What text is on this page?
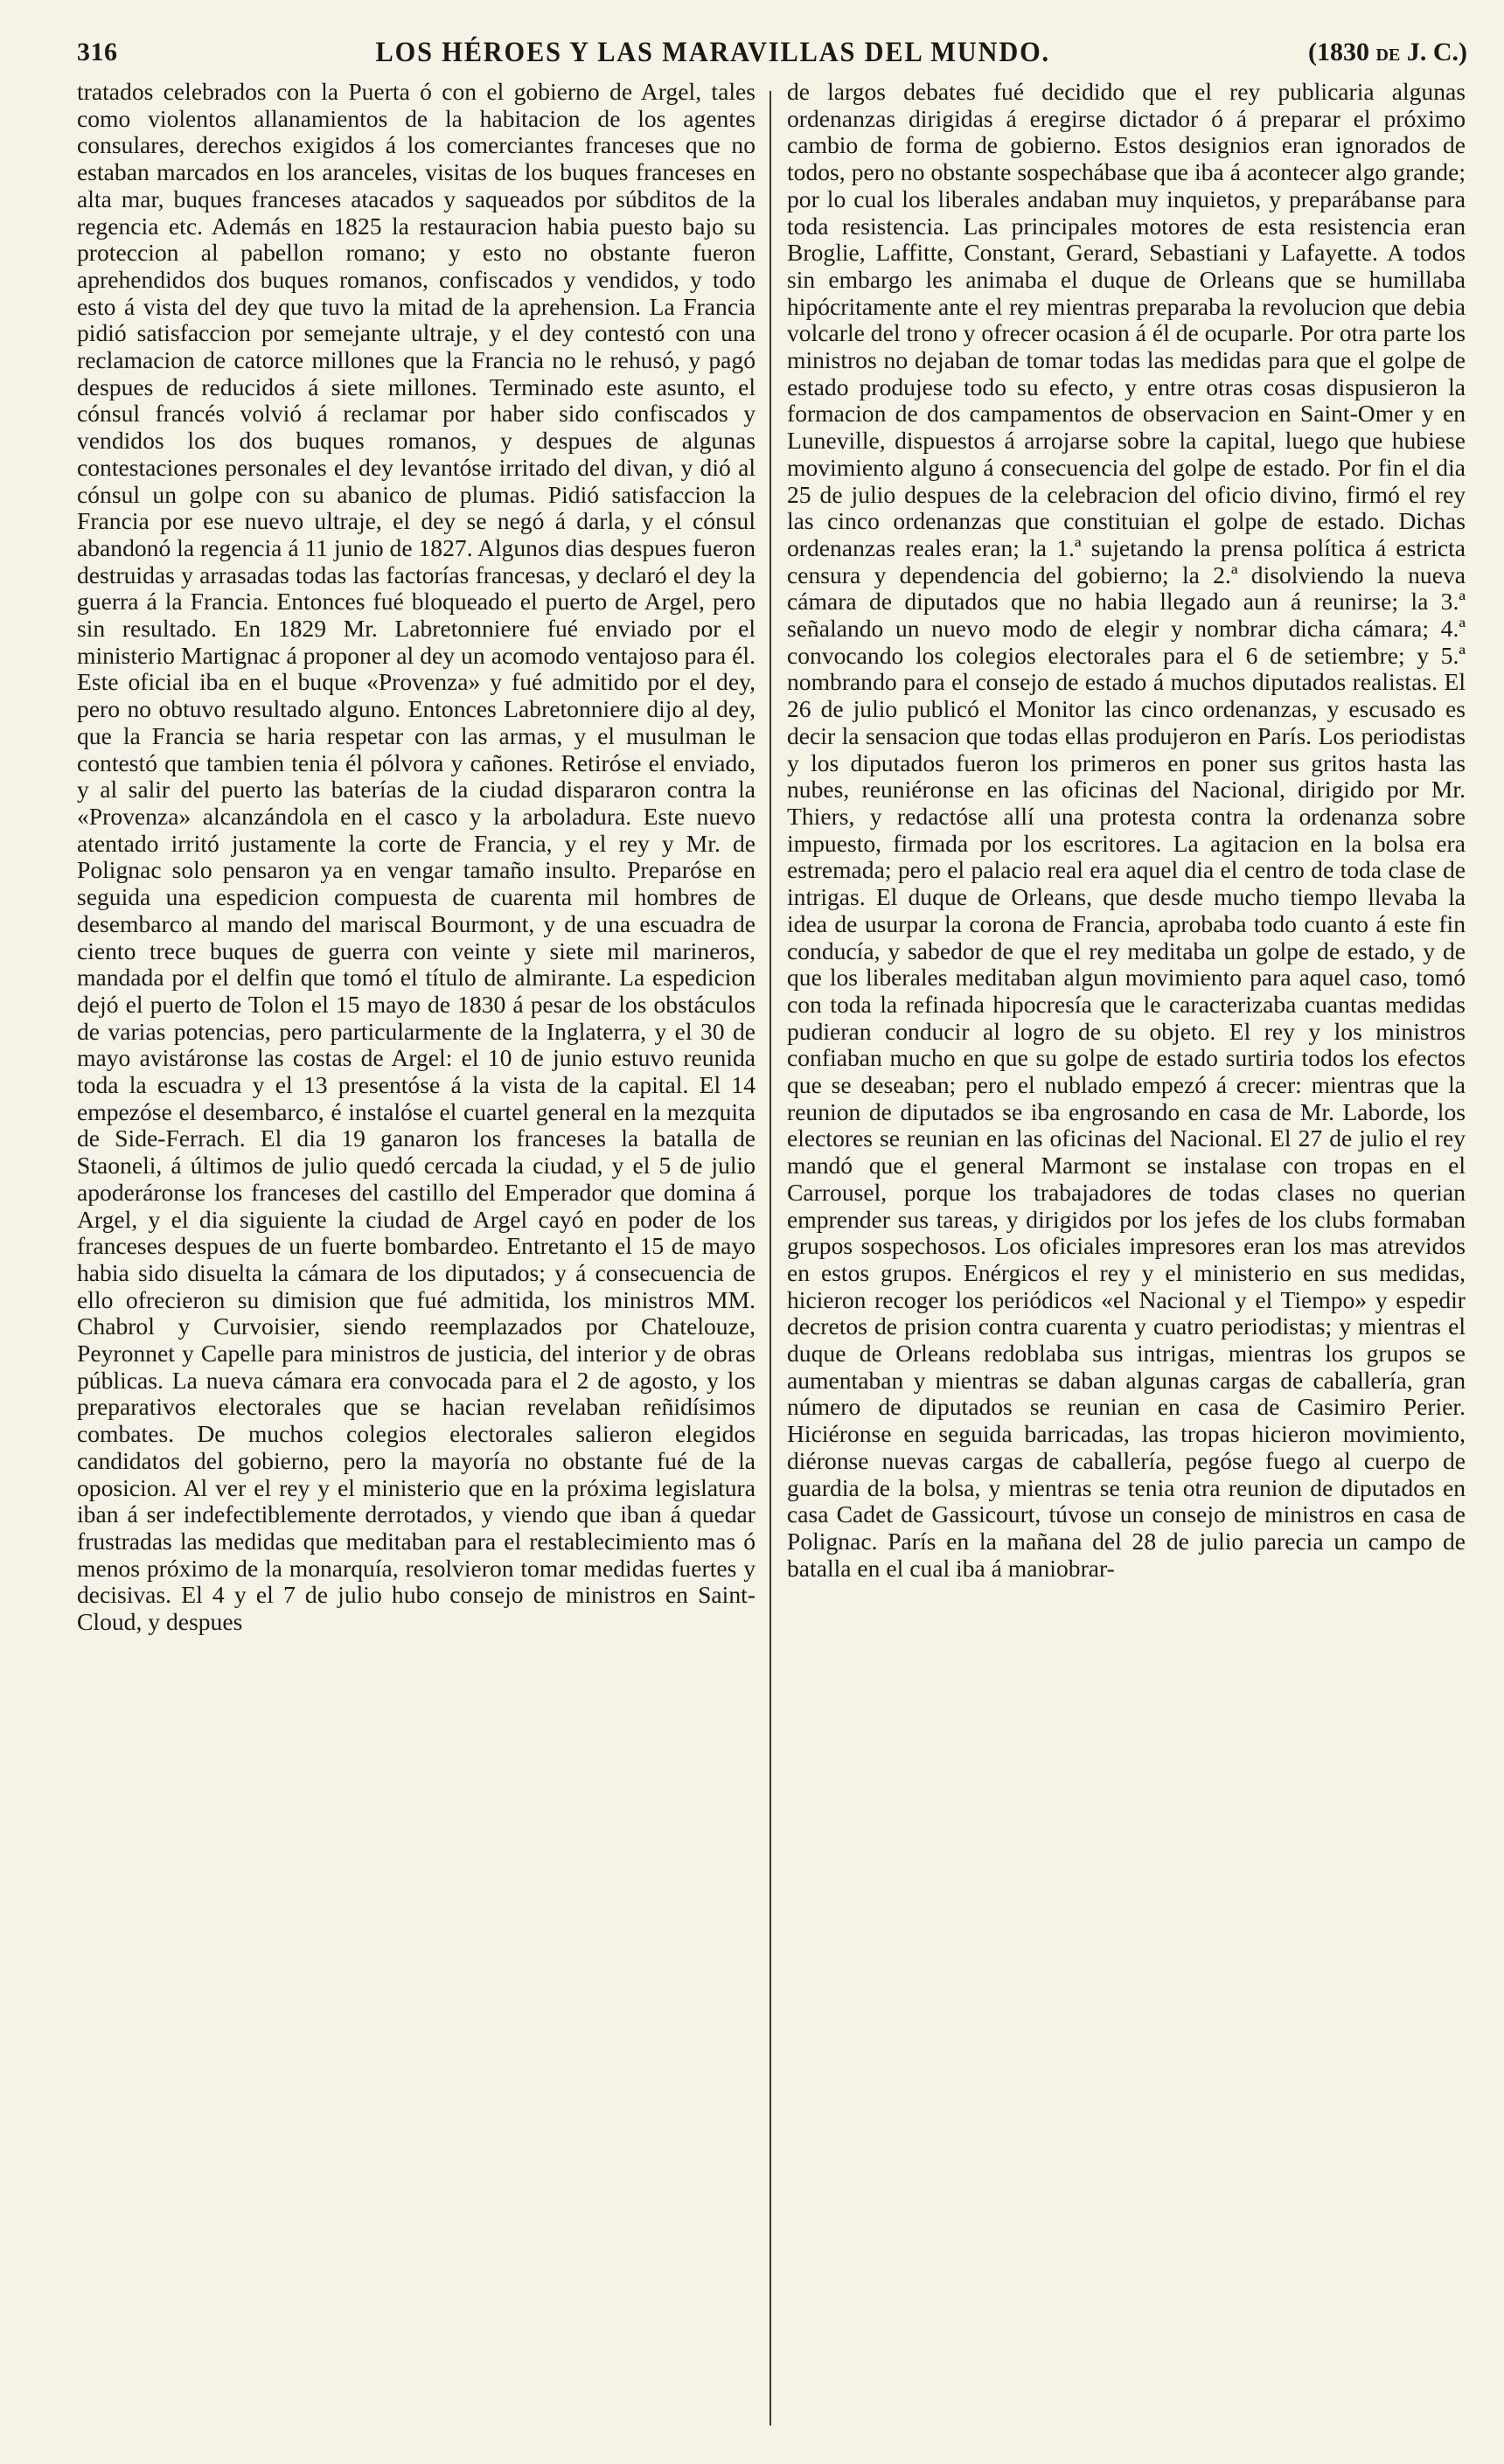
316	LOS HÉROES Y LAS MARAVILLAS DEL MUNDO.	(1830 DE J. C.)

tratados celebrados con la Puerta ó con el gobierno de Argel, tales como violentos allanamientos de la habitacion de los agentes consulares, derechos exigidos á los comerciantes franceses que no estaban marcados en los aranceles, visitas de los buques franceses en alta mar, buques franceses atacados y saqueados por súbditos de la regencia etc. Además en 1825 la restauracion habia puesto bajo su proteccion al pabellon romano; y esto no obstante fueron aprehendidos dos buques romanos, confiscados y vendidos, y todo esto á vista del dey que tuvo la mitad de la aprehension. La Francia pidió satisfaccion por semejante ultraje, y el dey contestó con una reclamacion de catorce millones que la Francia no le rehusó, y pagó despues de reducidos á siete millones. Terminado este asunto, el cónsul francés volvió á reclamar por haber sido confiscados y vendidos los dos buques romanos, y despues de algunas contestaciones personales el dey levantóse irritado del divan, y dió al cónsul un golpe con su abanico de plumas. Pidió satisfaccion la Francia por ese nuevo ultraje, el dey se negó á darla, y el cónsul abandonó la regencia á 11 junio de 1827. Algunos dias despues fueron destruidas y arrasadas todas las factorías francesas, y declaró el dey la guerra á la Francia. Entonces fué bloqueado el puerto de Argel, pero sin resultado. En 1829 Mr. Labretonniere fué enviado por el ministerio Martignac á proponer al dey un acomodo ventajoso para él. Este oficial iba en el buque «Provenza» y fué admitido por el dey, pero no obtuvo resultado alguno. Entonces Labretonniere dijo al dey, que la Francia se haria respetar con las armas, y el musulman le contestó que tambien tenia él pólvora y cañones. Retiróse el enviado, y al salir del puerto las baterías de la ciudad dispararon contra la «Provenza» alcanzándola en el casco y la arboladura. Este nuevo atentado irritó justamente la corte de Francia, y el rey y Mr. de Polignac solo pensaron ya en vengar tamaño insulto. Preparóse en seguida una espedicion compuesta de cuarenta mil hombres de desembarco al mando del mariscal Bourmont, y de una escuadra de ciento trece buques de guerra con veinte y siete mil marineros, mandada por el delfin que tomó el título de almirante. La espedicion dejó el puerto de Tolon el 15 mayo de 1830 á pesar de los obstáculos de varias potencias, pero particularmente de la Inglaterra, y el 30 de mayo avistáronse las costas de Argel: el 10 de junio estuvo reunida toda la escuadra y el 13 presentóse á la vista de la capital. El 14 empezóse el desembarco, é instalóse el cuartel general en la mezquita de Side-Ferrach. El dia 19 ganaron los franceses la batalla de Staoneli, á últimos de julio quedó cercada la ciudad, y el 5 de julio apoderáronse los franceses del castillo del Emperador que domina á Argel, y el dia siguiente la ciudad de Argel cayó en poder de los franceses despues de un fuerte bombardeo. Entretanto el 15 de mayo habia sido disuelta la cámara de los diputados; y á consecuencia de ello ofrecieron su dimision que fué admitida, los ministros MM. Chabrol y Curvoisier, siendo reemplazados por Chatelouze, Peyronnet y Capelle para ministros de justicia, del interior y de obras públicas. La nueva cámara era convocada para el 2 de agosto, y los preparativos electorales que se hacian revelaban reñidísimos combates. De muchos colegios electorales salieron elegidos candidatos del gobierno, pero la mayoría no obstante fué de la oposicion. Al ver el rey y el ministerio que en la próxima legislatura iban á ser indefectiblemente derrotados, y viendo que iban á quedar frustradas las medidas que meditaban para el restablecimiento mas ó menos próximo de la monarquía, resolvieron tomar medidas fuertes y decisivas. El 4 y el 7 de julio hubo consejo de ministros en Saint-Cloud, y despues

de largos debates fué decidido que el rey publicaria algunas ordenanzas dirigidas á eregirse dictador ó á preparar el próximo cambio de forma de gobierno. Estos designios eran ignorados de todos, pero no obstante sospechábase que iba á acontecer algo grande; por lo cual los liberales andaban muy inquietos, y preparábanse para toda resistencia. Las principales motores de esta resistencia eran Broglie, Laffitte, Constant, Gerard, Sebastiani y Lafayette. A todos sin embargo les animaba el duque de Orleans que se humillaba hipócritamente ante el rey mientras preparaba la revolucion que debia volcarle del trono y ofrecer ocasion á él de ocuparle. Por otra parte los ministros no dejaban de tomar todas las medidas para que el golpe de estado produjese todo su efecto, y entre otras cosas dispusieron la formacion de dos campamentos de observacion en Saint-Omer y en Luneville, dispuestos á arrojarse sobre la capital, luego que hubiese movimiento alguno á consecuencia del golpe de estado. Por fin el dia 25 de julio despues de la celebracion del oficio divino, firmó el rey las cinco ordenanzas que constituian el golpe de estado. Dichas ordenanzas reales eran; la 1.ª sujetando la prensa política á estricta censura y dependencia del gobierno; la 2.ª disolviendo la nueva cámara de diputados que no habia llegado aun á reunirse; la 3.ª señalando un nuevo modo de elegir y nombrar dicha cámara; 4.ª convocando los colegios electorales para el 6 de setiembre; y 5.ª nombrando para el consejo de estado á muchos diputados realistas. El 26 de julio publicó el Monitor las cinco ordenanzas, y escusado es decir la sensacion que todas ellas produjeron en París. Los periodistas y los diputados fueron los primeros en poner sus gritos hasta las nubes, reuniéronse en las oficinas del Nacional, dirigido por Mr. Thiers, y redactóse allí una protesta contra la ordenanza sobre impuesto, firmada por los escritores. La agitacion en la bolsa era estremada; pero el palacio real era aquel dia el centro de toda clase de intrigas. El duque de Orleans, que desde mucho tiempo llevaba la idea de usurpar la corona de Francia, aprobaba todo cuanto á este fin conducía, y sabedor de que el rey meditaba un golpe de estado, y de que los liberales meditaban algun movimiento para aquel caso, tomó con toda la refinada hipocresía que le caracterizaba cuantas medidas pudieran conducir al logro de su objeto. El rey y los ministros confiaban mucho en que su golpe de estado surtiria todos los efectos que se deseaban; pero el nublado empezó á crecer: mientras que la reunion de diputados se iba engrosando en casa de Mr. Laborde, los electores se reunian en las oficinas del Nacional. El 27 de julio el rey mandó que el general Marmont se instalase con tropas en el Carrousel, porque los trabajadores de todas clases no querian emprender sus tareas, y dirigidos por los jefes de los clubs formaban grupos sospechosos. Los oficiales impresores eran los mas atrevidos en estos grupos. Enérgicos el rey y el ministerio en sus medidas, hicieron recoger los periódicos «el Nacional y el Tiempo» y espedir decretos de prision contra cuarenta y cuatro periodistas; y mientras el duque de Orleans redoblaba sus intrigas, mientras los grupos se aumentaban y mientras se daban algunas cargas de caballería, gran número de diputados se reunian en casa de Casimiro Perier. Hiciéronse en seguida barricadas, las tropas hicieron movimiento, diéronse nuevas cargas de caballería, pegóse fuego al cuerpo de guardia de la bolsa, y mientras se tenia otra reunion de diputados en casa Cadet de Gassicourt, túvose un consejo de ministros en casa de Polignac. París en la mañana del 28 de julio parecia un campo de batalla en el cual iba á maniobrar-
